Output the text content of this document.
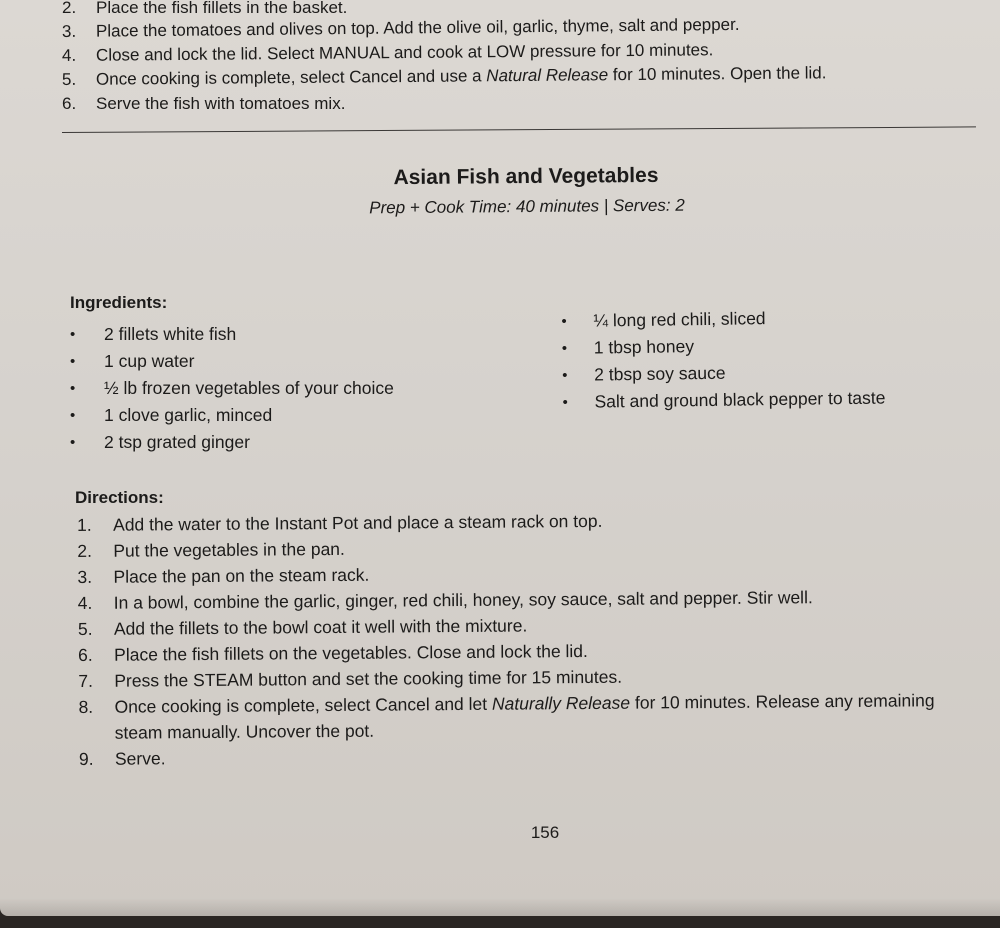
2.	Place the fish fillets in the basket.
3.	Place the tomatoes and olives on top. Add the olive oil, garlic, thyme, salt and pepper.
4.	Close and lock the lid. Select MANUAL and cook at LOW pressure for 10 minutes.
5.	Once cooking is complete, select Cancel and use a Natural Release for 10 minutes. Open the lid.
6.	Serve the fish with tomatoes mix.
Asian Fish and Vegetables
Prep + Cook Time: 40 minutes | Serves: 2
Ingredients:
• 2 fillets white fish
• 1 cup water
• ½ lb frozen vegetables of your choice
• 1 clove garlic, minced
• 2 tsp grated ginger
• ¼ long red chili, sliced
• 1 tbsp honey
• 2 tbsp soy sauce
• Salt and ground black pepper to taste
Directions:
1.	Add the water to the Instant Pot and place a steam rack on top.
2.	Put the vegetables in the pan.
3.	Place the pan on the steam rack.
4.	In a bowl, combine the garlic, ginger, red chili, honey, soy sauce, salt and pepper. Stir well.
5.	Add the fillets to the bowl coat it well with the mixture.
6.	Place the fish fillets on the vegetables. Close and lock the lid.
7.	Press the STEAM button and set the cooking time for 15 minutes.
8.	Once cooking is complete, select Cancel and let Naturally Release for 10 minutes. Release any remaining steam manually. Uncover the pot.
9.	Serve.
156
